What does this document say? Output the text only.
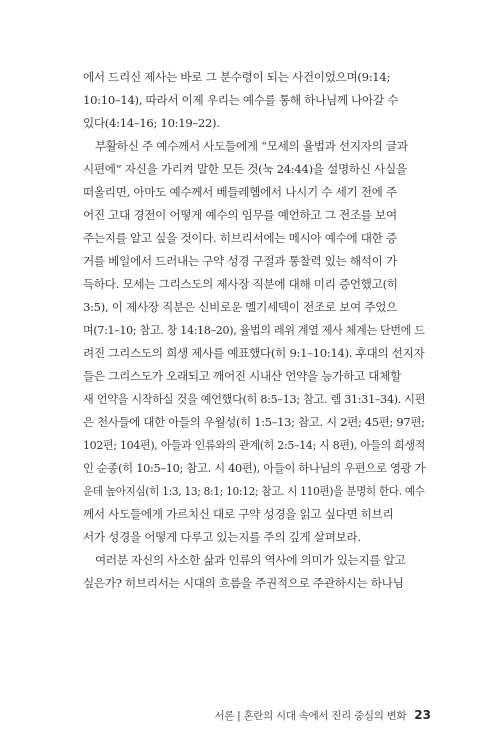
에서 드리신 제사는 바로 그 분수령이 되는 사건이었으며(9:14;
10:10–14), 따라서 이제 우리는 예수를 통해 하나님께 나아갈 수
있다(4:14–16; 10:19–22).
부활하신 주 예수께서 사도들에게 “모세의 율법과 선지자의 글과
시편에” 자신을 가리켜 말한 모든 것(눅 24:44)을 설명하신 사실을
떠올리면, 아마도 예수께서 베들레헴에서 나시기 수 세기 전에 주
어진 고대 경전이 어떻게 예수의 임무를 예언하고 그 전조를 보여
주는지를 알고 싶을 것이다. 히브리서에는 메시아 예수에 대한 증
거를 베일에서 드러내는 구약 성경 구절과 통찰력 있는 해석이 가
득하다. 모세는 그리스도의 제사장 직분에 대해 미리 증언했고(히
3:5), 이 제사장 직분은 신비로운 멜기세덱이 전조로 보여 주었으
며(7:1–10; 참고. 창 14:18–20), 율법의 레위 계열 제사 체계는 단번에 드
려진 그리스도의 희생 제사를 예표했다(히 9:1–10:14). 후대의 선지자
들은 그리스도가 오래되고 깨어진 시내산 언약을 능가하고 대체할
새 언약을 시작하실 것을 예언했다(히 8:5–13; 참고. 렘 31:31–34). 시편
은 천사들에 대한 아들의 우월성(히 1:5–13; 참고. 시 2편; 45편; 97편;
102편; 104편), 아들과 인류와의 관계(히 2:5–14; 시 8편), 아들의 희생적
인 순종(히 10:5–10; 참고. 시 40편), 아들이 하나님의 우편으로 영광 가
운데 높아지심(히 1:3, 13; 8:1; 10:12; 참고. 시 110편)을 분명히 한다. 예수
께서 사도들에게 가르치신 대로 구약 성경을 읽고 싶다면 히브리
서가 성경을 어떻게 다루고 있는지를 주의 깊게 살펴보라.
여러분 자신의 사소한 삶과 인류의 역사에 의미가 있는지를 알고
싶은가? 히브리서는 시대의 흐름을 주권적으로 주관하시는 하나님
서론 | 혼란의 시대 속에서 진리 중심의 변화 23
